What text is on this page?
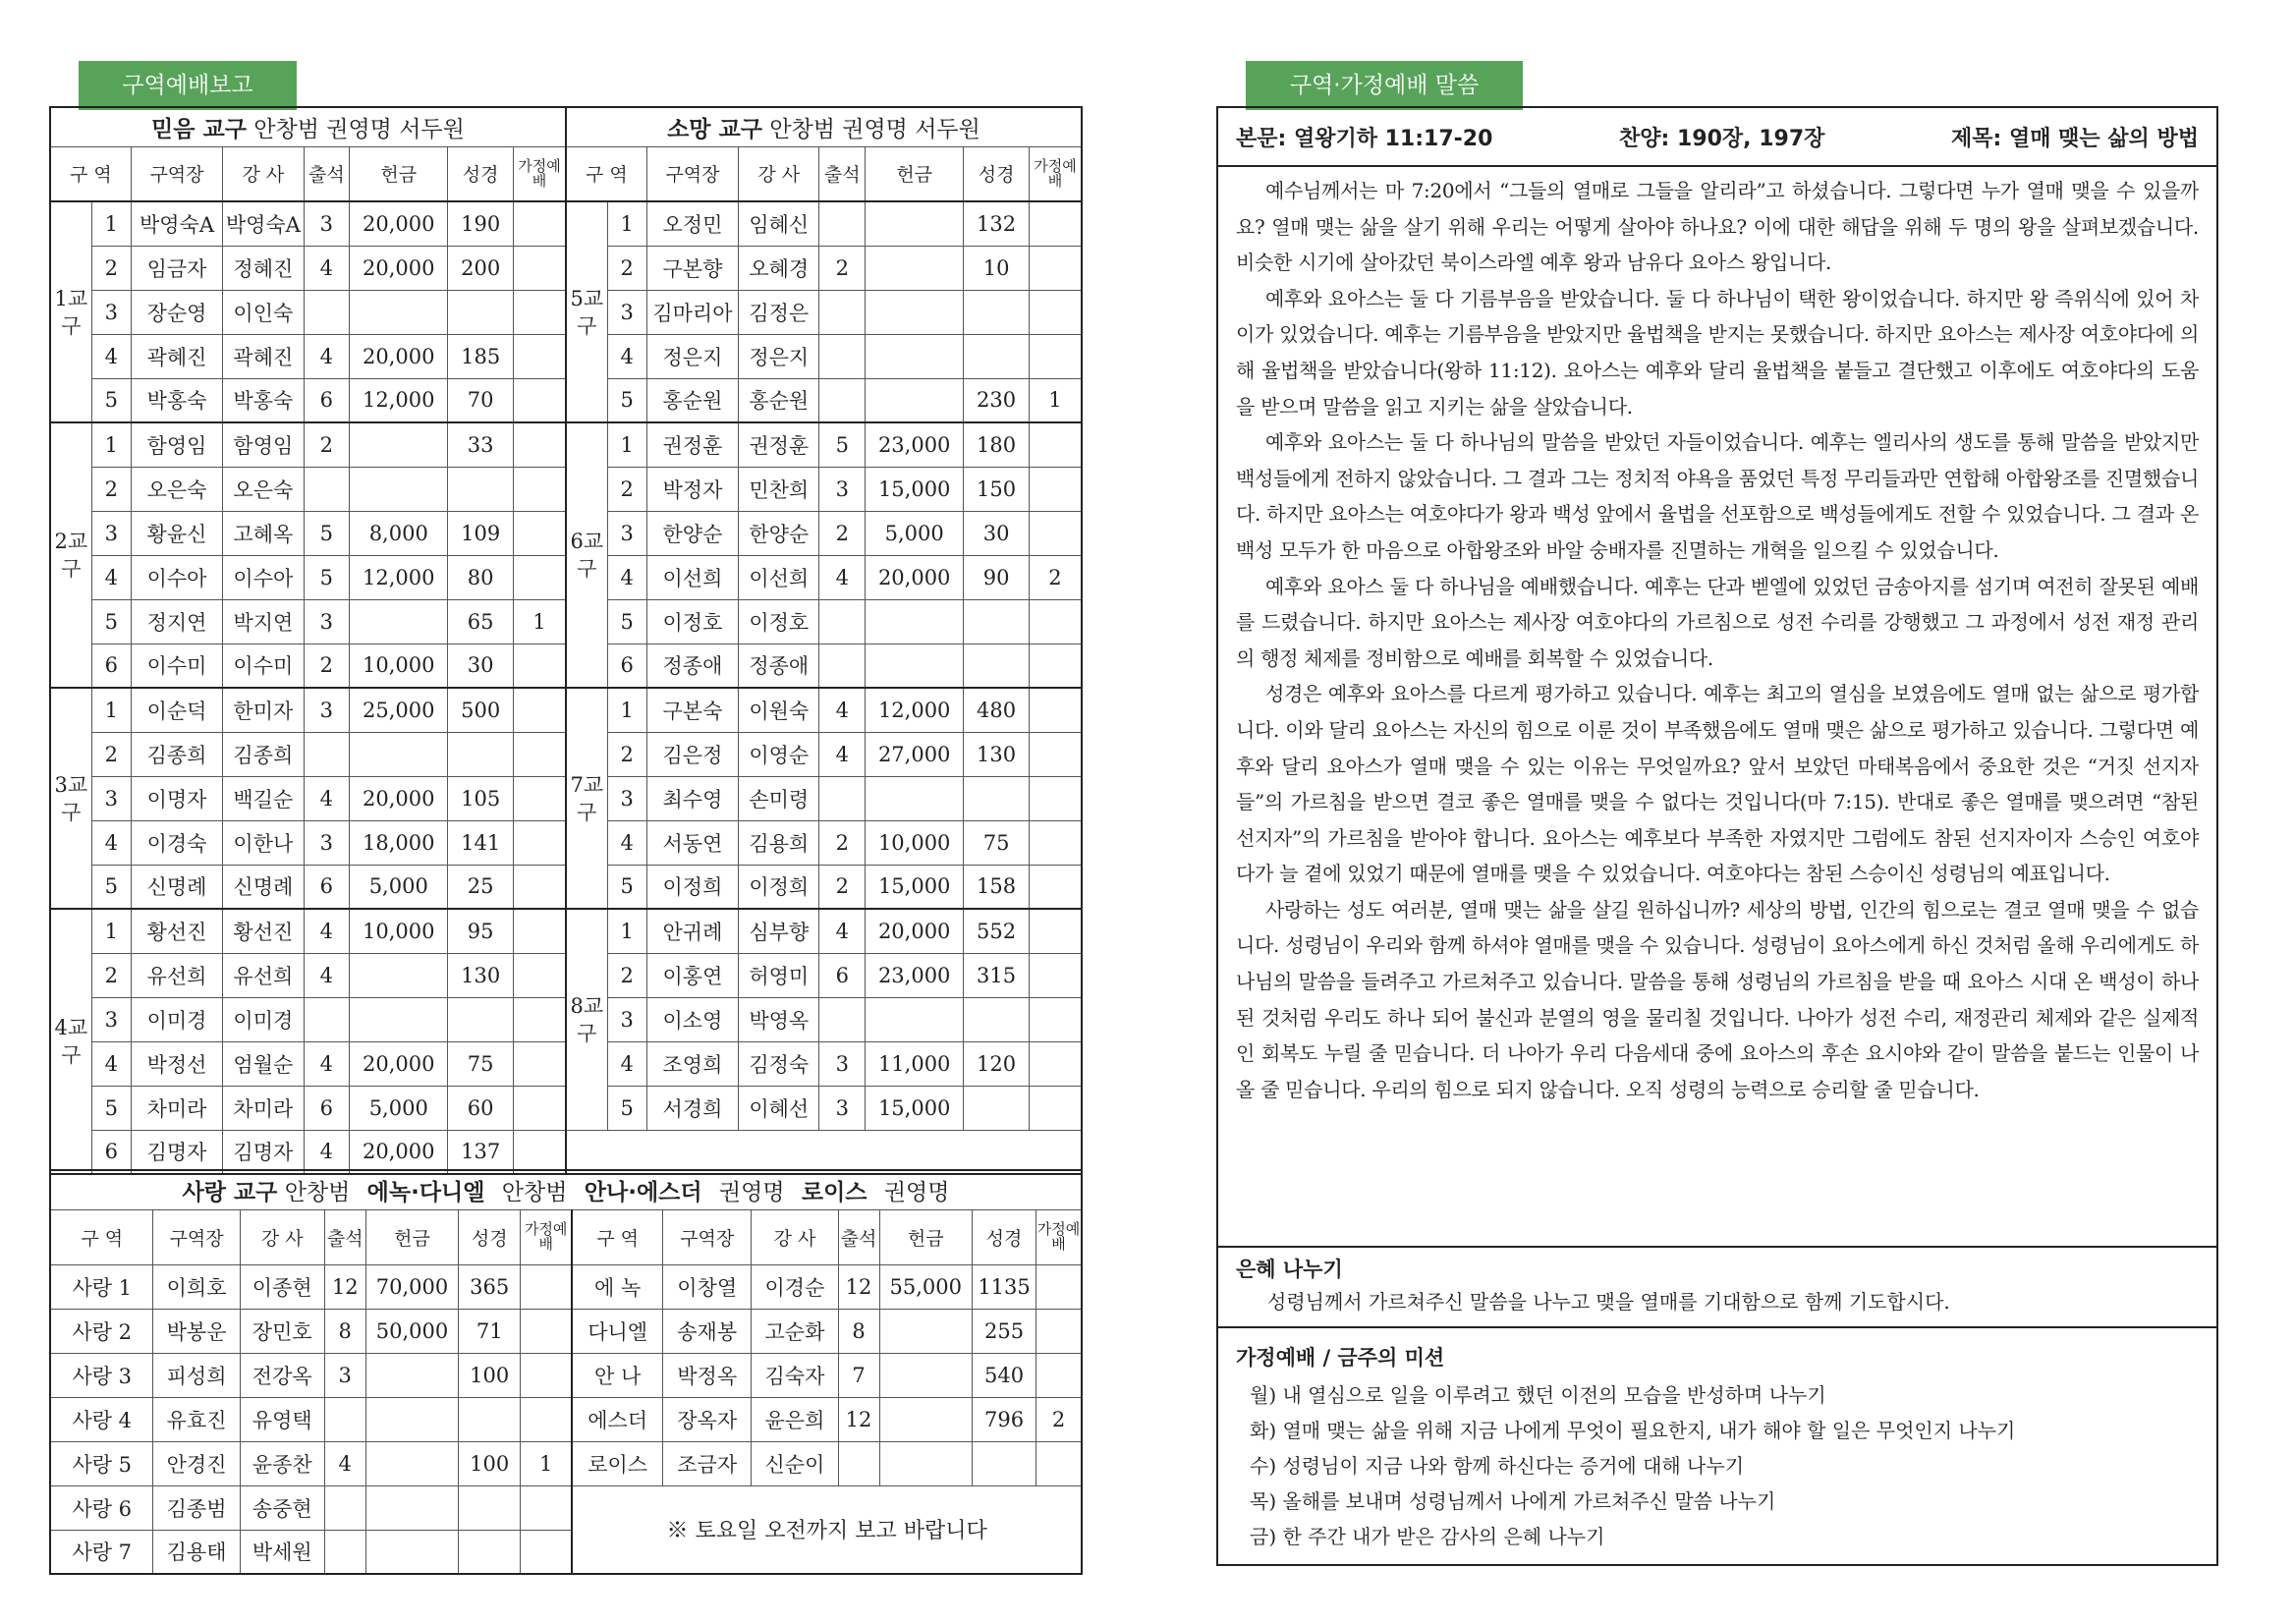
구역예배보고	구역·가정예배 말씀
믿음 교구 안창범 권영명 서두원								소망 교구 안창범 권영명 서두원							
구 역		구역장	강 사	출석	헌금	성경	가정예배	구 역		구역장	강 사	출석	헌금	성경	가정예배
1교구	1	박영숙A	박영숙A	3	20,000	190		5교구	1	오정민	임혜신			132	
	2	임금자	정혜진	4	20,000	200			2	구본향	오혜경	2		10	
	3	장순영	이인숙						3	김마리아	김정은				
	4	곽혜진	곽혜진	4	20,000	185			4	정은지	정은지				
	5	박홍숙	박홍숙	6	12,000	70			5	홍순원	홍순원			230	1
2교구	1	함영임	함영임	2		33		6교구	1	권정훈	권정훈	5	23,000	180	
	2	오은숙	오은숙						2	박정자	민찬희	3	15,000	150	
	3	황윤신	고혜옥	5	8,000	109			3	한양순	한양순	2	5,000	30	
	4	이수아	이수아	5	12,000	80			4	이선희	이선희	4	20,000	90	2
	5	정지연	박지연	3		65	1		5	이정호	이정호				
	6	이수미	이수미	2	10,000	30			6	정종애	정종애				
3교구	1	이순덕	한미자	3	25,000	500		7교구	1	구본숙	이원숙	4	12,000	480	
	2	김종희	김종희						2	김은정	이영순	4	27,000	130	
	3	이명자	백길순	4	20,000	105			3	최수영	손미령				
	4	이경숙	이한나	3	18,000	141			4	서동연	김용희	2	10,000	75	
	5	신명례	신명례	6	5,000	25			5	이정희	이정희	2	15,000	158	
4교구	1	황선진	황선진	4	10,000	95		8교구	1	안귀례	심부향	4	20,000	552	
	2	유선희	유선희	4		130			2	이홍연	허영미	6	23,000	315	
	3	이미경	이미경						3	이소영	박영옥				
	4	박정선	엄월순	4	20,000	75			4	조영희	김정숙	3	11,000	120	
	5	차미라	차미라	6	5,000	60			5	서경희	이혜선	3	15,000		
	6	김명자	김명자	4	20,000	137									
사랑 교구 안창범 에녹·다니엘 안창범 안나·에스더 권영명 로이스 권영명													
구 역	구역장	강 사	출석	헌금	성경	가정예배	구 역	구역장	강 사	출석	헌금	성경	가정예배
사랑 1	이희호	이종현	12	70,000	365		에 녹	이창열	이경순	12	55,000	1135	
사랑 2	박봉운	장민호	8	50,000	71		다니엘	송재봉	고순화	8		255	
사랑 3	피성희	전강옥	3		100		안 나	박정옥	김숙자	7		540	
사랑 4	유효진	유영택					에스더	장옥자	윤은희	12		796	2
사랑 5	안경진	윤종찬	4		100	1	로이스	조금자	신순이				
사랑 6	김종범	송중현					※ 토요일 오전까지 보고 바랍니다						
사랑 7	김용태	박세원											
본문: 열왕기하 11:17-20	찬양: 190장, 197장	제목: 열매 맺는 삶의 방법

예수님께서는 마 7:20에서 “그들의 열매로 그들을 알리라”고 하셨습니다. 그렇다면 누가 열매 맺을 수 있을까요? 열매 맺는 삶을 살기 위해 우리는 어떻게 살아야 하나요? 이에 대한 해답을 위해 두 명의 왕을 살펴보겠습니다. 비슷한 시기에 살아갔던 북이스라엘 예후 왕과 남유다 요아스 왕입니다.

예후와 요아스는 둘 다 기름부음을 받았습니다. 둘 다 하나님이 택한 왕이었습니다. 하지만 왕 즉위식에 있어 차이가 있었습니다. 예후는 기름부음을 받았지만 율법책을 받지는 못했습니다. 하지만 요아스는 제사장 여호야다에 의해 율법책을 받았습니다(왕하 11:12). 요아스는 예후와 달리 율법책을 붙들고 결단했고 이후에도 여호야다의 도움을 받으며 말씀을 읽고 지키는 삶을 살았습니다.

예후와 요아스는 둘 다 하나님의 말씀을 받았던 자들이었습니다. 예후는 엘리사의 생도를 통해 말씀을 받았지만 백성들에게 전하지 않았습니다. 그 결과 그는 정치적 야욕을 품었던 특정 무리들과만 연합해 아합왕조를 진멸했습니다. 하지만 요아스는 여호야다가 왕과 백성 앞에서 율법을 선포함으로 백성들에게도 전할 수 있었습니다. 그 결과 온 백성 모두가 한 마음으로 아합왕조와 바알 숭배자를 진멸하는 개혁을 일으킬 수 있었습니다.

예후와 요아스 둘 다 하나님을 예배했습니다. 예후는 단과 벧엘에 있었던 금송아지를 섬기며 여전히 잘못된 예배를 드렸습니다. 하지만 요아스는 제사장 여호야다의 가르침으로 성전 수리를 강행했고 그 과정에서 성전 재정 관리의 행정 체제를 정비함으로 예배를 회복할 수 있었습니다.

성경은 예후와 요아스를 다르게 평가하고 있습니다. 예후는 최고의 열심을 보였음에도 열매 없는 삶으로 평가합니다. 이와 달리 요아스는 자신의 힘으로 이룬 것이 부족했음에도 열매 맺은 삶으로 평가하고 있습니다. 그렇다면 예후와 달리 요아스가 열매 맺을 수 있는 이유는 무엇일까요? 앞서 보았던 마태복음에서 중요한 것은 “거짓 선지자들”의 가르침을 받으면 결코 좋은 열매를 맺을 수 없다는 것입니다(마 7:15). 반대로 좋은 열매를 맺으려면 “참된 선지자”의 가르침을 받아야 합니다. 요아스는 예후보다 부족한 자였지만 그럼에도 참된 선지자이자 스승인 여호야다가 늘 곁에 있었기 때문에 열매를 맺을 수 있었습니다. 여호야다는 참된 스승이신 성령님의 예표입니다.

사랑하는 성도 여러분, 열매 맺는 삶을 살길 원하십니까? 세상의 방법, 인간의 힘으로는 결코 열매 맺을 수 없습니다. 성령님이 우리와 함께 하셔야 열매를 맺을 수 있습니다. 성령님이 요아스에게 하신 것처럼 올해 우리에게도 하나님의 말씀을 들려주고 가르쳐주고 있습니다. 말씀을 통해 성령님의 가르침을 받을 때 요아스 시대 온 백성이 하나 된 것처럼 우리도 하나 되어 불신과 분열의 영을 물리칠 것입니다. 나아가 성전 수리, 재정관리 체제와 같은 실제적인 회복도 누릴 줄 믿습니다. 더 나아가 우리 다음세대 중에 요아스의 후손 요시야와 같이 말씀을 붙드는 인물이 나올 줄 믿습니다. 우리의 힘으로 되지 않습니다. 오직 성령의 능력으로 승리할 줄 믿습니다.

은혜 나누기
성령님께서 가르쳐주신 말씀을 나누고 맺을 열매를 기대함으로 함께 기도합시다.
가정예배 / 금주의 미션
월) 내 열심으로 일을 이루려고 했던 이전의 모습을 반성하며 나누기
화) 열매 맺는 삶을 위해 지금 나에게 무엇이 필요한지, 내가 해야 할 일은 무엇인지 나누기
수) 성령님이 지금 나와 함께 하신다는 증거에 대해 나누기
목) 올해를 보내며 성령님께서 나에게 가르쳐주신 말씀 나누기
금) 한 주간 내가 받은 감사의 은혜 나누기
